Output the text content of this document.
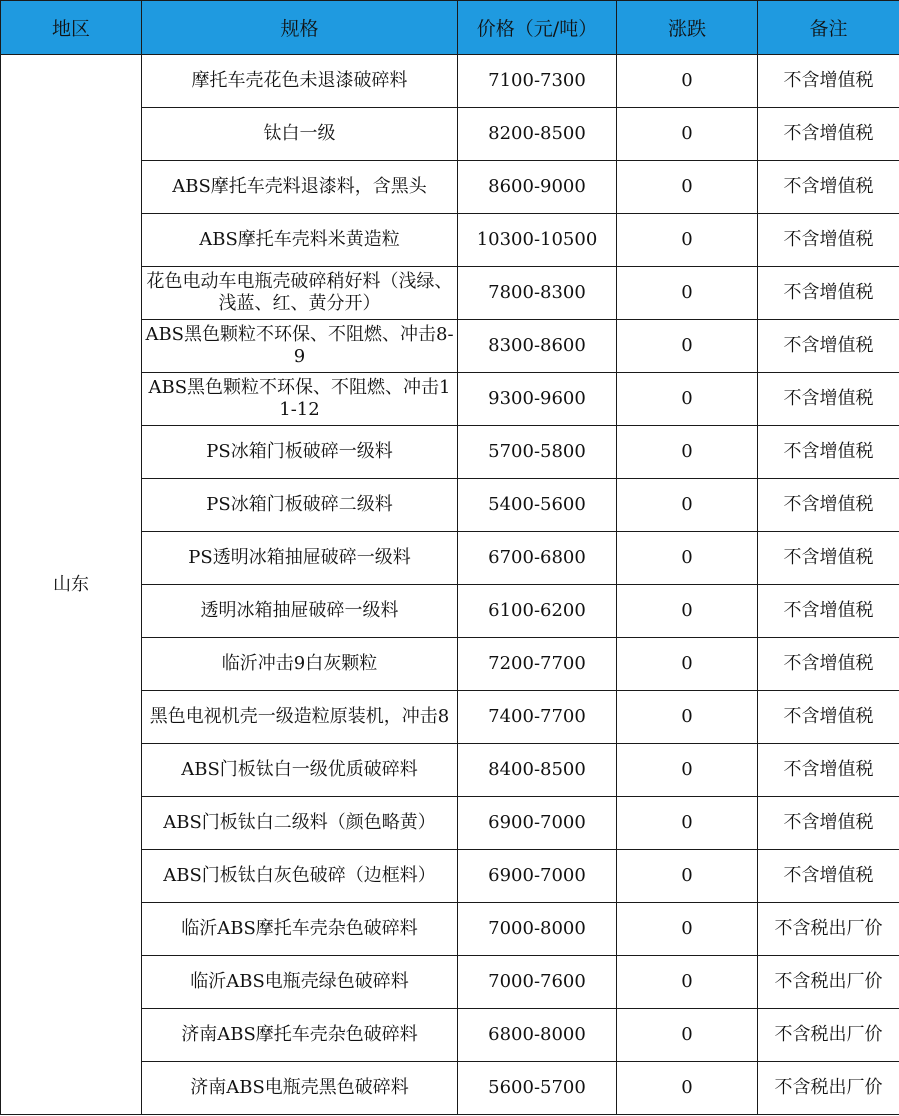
地区	规格	价格（元/吨）	涨跌	备注
山东	摩托车壳花色未退漆破碎料	7100-7300	0	不含增值税
	钛白一级	8200-8500	0	不含增值税
	ABS摩托车壳料退漆料，含黑头	8600-9000	0	不含增值税
	ABS摩托车壳料米黄造粒	10300-10500	0	不含增值税
	花色电动车电瓶壳破碎稍好料（浅绿、浅蓝、红、黄分开）	7800-8300	0	不含增值税
	ABS黑色颗粒不环保、不阻燃、冲击8-9	8300-8600	0	不含增值税
	ABS黑色颗粒不环保、不阻燃、冲击11-12	9300-9600	0	不含增值税
	PS冰箱门板破碎一级料	5700-5800	0	不含增值税
	PS冰箱门板破碎二级料	5400-5600	0	不含增值税
	PS透明冰箱抽屉破碎一级料	6700-6800	0	不含增值税
	透明冰箱抽屉破碎一级料	6100-6200	0	不含增值税
	临沂冲击9白灰颗粒	7200-7700	0	不含增值税
	黑色电视机壳一级造粒原装机，冲击8	7400-7700	0	不含增值税
	ABS门板钛白一级优质破碎料	8400-8500	0	不含增值税
	ABS门板钛白二级料（颜色略黄）	6900-7000	0	不含增值税
	ABS门板钛白灰色破碎（边框料）	6900-7000	0	不含增值税
	临沂ABS摩托车壳杂色破碎料	7000-8000	0	不含税出厂价
	临沂ABS电瓶壳绿色破碎料	7000-7600	0	不含税出厂价
	济南ABS摩托车壳杂色破碎料	6800-8000	0	不含税出厂价
	济南ABS电瓶壳黑色破碎料	5600-5700	0	不含税出厂价
